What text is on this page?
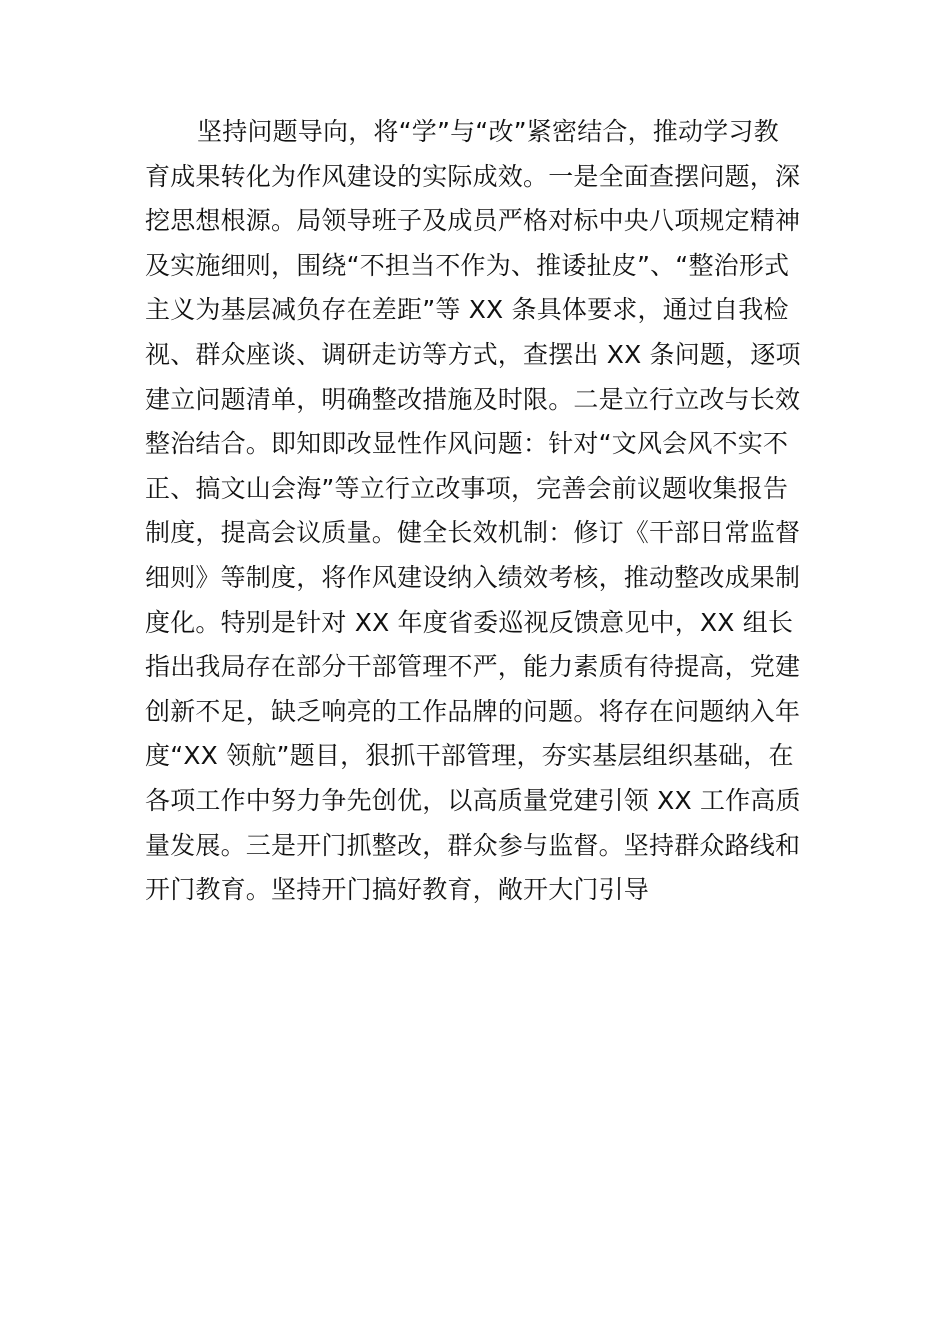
坚持问题导向，将“学”与“改”紧密结合，推动学习教
育成果转化为作风建设的实际成效。一是全面查摆问题，深
挖思想根源。局领导班子及成员严格对标中央八项规定精神
及实施细则，围绕“不担当不作为、推诿扯皮”、“整治形式
主义为基层减负存在差距”等 XX 条具体要求，通过自我检
视、群众座谈、调研走访等方式，查摆出 XX 条问题，逐项
建立问题清单，明确整改措施及时限。二是立行立改与长效
整治结合。即知即改显性作风问题：针对“文风会风不实不
正、搞文山会海”等立行立改事项，完善会前议题收集报告
制度，提高会议质量。健全长效机制：修订《干部日常监督
细则》等制度，将作风建设纳入绩效考核，推动整改成果制
度化。特别是针对 XX 年度省委巡视反馈意见中，XX 组长
指出我局存在部分干部管理不严，能力素质有待提高，党建
创新不足，缺乏响亮的工作品牌的问题。将存在问题纳入年
度“XX 领航”题目，狠抓干部管理，夯实基层组织基础，在
各项工作中努力争先创优，以高质量党建引领 XX 工作高质
量发展。三是开门抓整改，群众参与监督。坚持群众路线和
开门教育。坚持开门搞好教育，敞开大门引导
